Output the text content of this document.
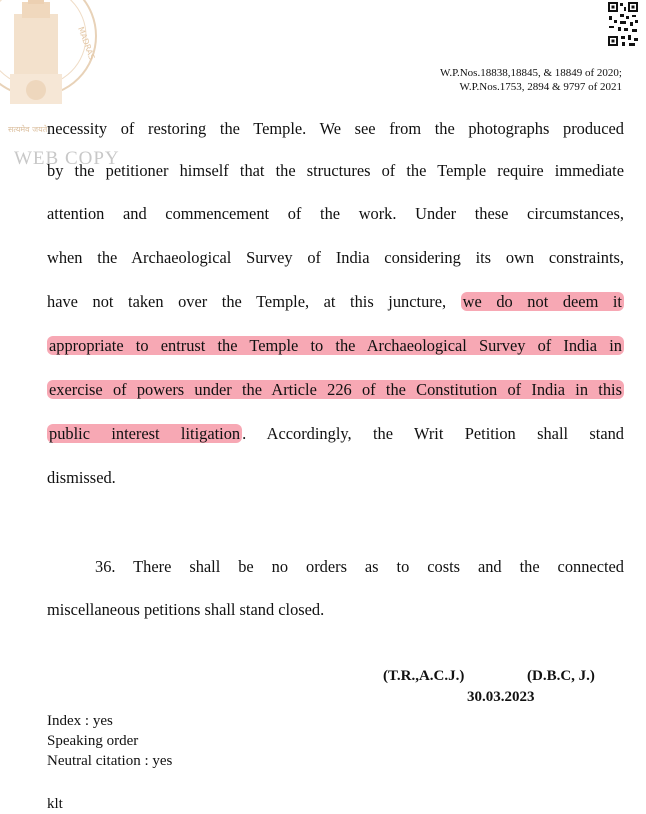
MADRAS
सत्यमेव जयते
WEB COPY
W.P.Nos.18838,18845, & 18849 of 2020;
W.P.Nos.1753, 2894 & 9797 of 2021
necessity of restoring the Temple. We see from the photographs produced
by the petitioner himself that the structures of the Temple require immediate
attention and commencement of the work. Under these circumstances,
when the Archaeological Survey of India considering its own constraints,
have not taken over the Temple, at this juncture, we do not deem it
appropriate to entrust the Temple to the Archaeological Survey of India in
exercise of powers under the Article 226 of the Constitution of India in this
public interest litigation . Accordingly, the Writ Petition shall stand
dismissed.
36. There shall be no orders as to costs and the connected
miscellaneous petitions shall stand closed.
(T.R.,A.C.J.)	(D.B.C, J.)
30.03.2023
Index : yes
Speaking order
Neutral citation : yes
klt
